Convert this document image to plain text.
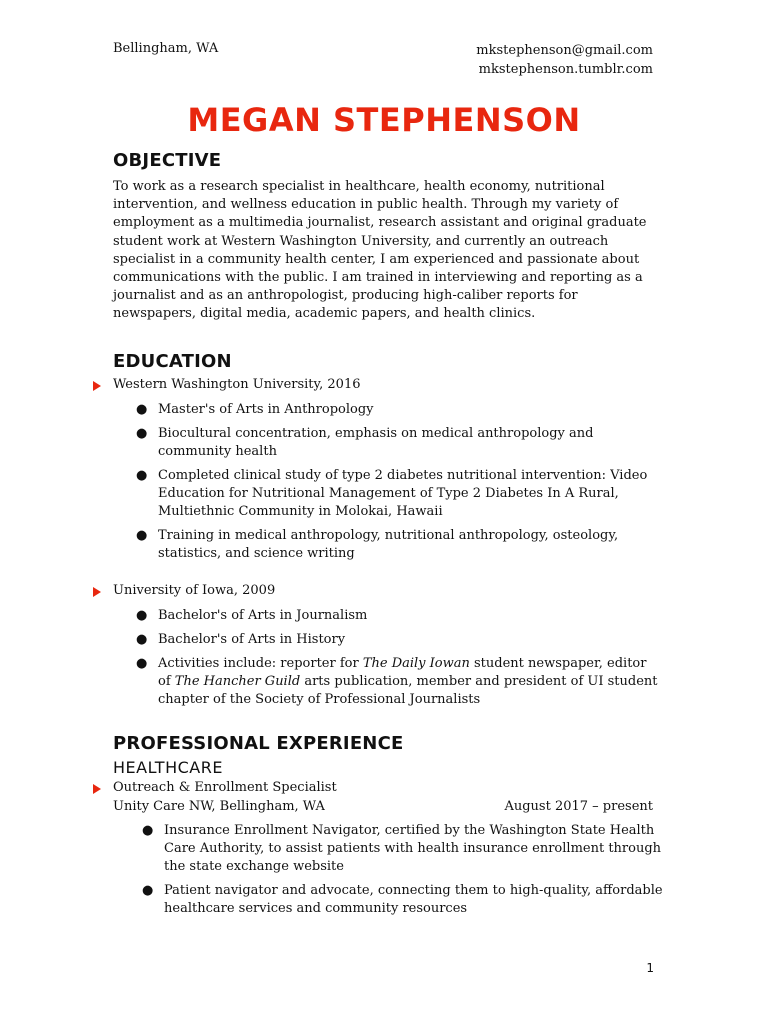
Bellingham, WA	mkstephenson@gmail.com
mkstephenson.tumblr.com
MEGAN STEPHENSON
OBJECTIVE

To work as a research specialist in healthcare, health economy, nutritional intervention, and wellness education in public health. Through my variety of employment as a multimedia journalist, research assistant and original graduate student work at Western Washington University, and currently an outreach specialist in a community health center, I am experienced and passionate about communications with the public. I am trained in interviewing and reporting as a journalist and as an anthropologist, producing high-caliber reports for newspapers, digital media, academic papers, and health clinics.

EDUCATION
Western Washington University, 2016
● Master's of Arts in Anthropology
● Biocultural concentration, emphasis on medical anthropology and community health
● Completed clinical study of type 2 diabetes nutritional intervention: Video Education for Nutritional Management of Type 2 Diabetes In A Rural, Multiethnic Community in Molokai, Hawaii
● Training in medical anthropology, nutritional anthropology, osteology, statistics, and science writing
University of Iowa, 2009
● Bachelor's of Arts in Journalism
● Bachelor's of Arts in History
● Activities include: reporter for The Daily Iowan student newspaper, editor of The Hancher Guild arts publication, member and president of UI student chapter of the Society of Professional Journalists
PROFESSIONAL EXPERIENCE
HEALTHCARE
Outreach & Enrollment Specialist
Unity Care NW, Bellingham, WA	August 2017 – present
● Insurance Enrollment Navigator, certified by the Washington State Health Care Authority, to assist patients with health insurance enrollment through the state exchange website
● Patient navigator and advocate, connecting them to high-quality, affordable healthcare services and community resources
1
